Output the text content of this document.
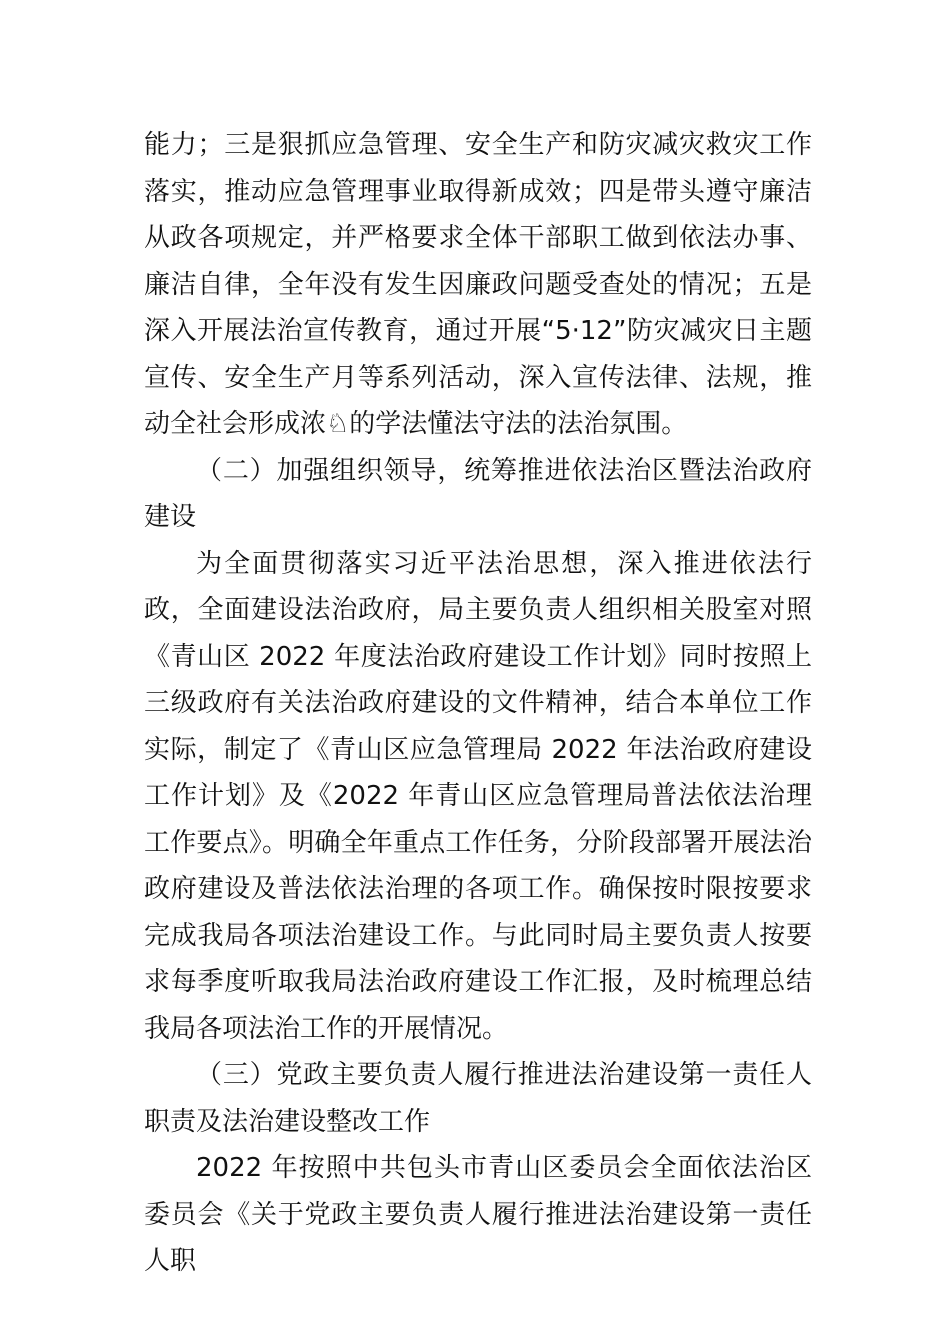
能力；三是狠抓应急管理、安全生产和防灾减灾救灾工作落实，推动应急管理事业取得新成效；四是带头遵守廉洁从政各项规定，并严格要求全体干部职工做到依法办事、廉洁自律，全年没有发生因廉政问题受查处的情况；五是深入开展法治宣传教育，通过开展“5·12”防灾减灾日主题宣传、安全生产月等系列活动，深入宣传法律、法规，推动全社会形成浓♘的学法懂法守法的法治氛围。

（二）加强组织领导，统筹推进依法治区暨法治政府建设

为全面贯彻落实习近平法治思想，深入推进依法行政，全面建设法治政府，局主要负责人组织相关股室对照《青山区 2022 年度法治政府建设工作计划》同时按照上三级政府有关法治政府建设的文件精神，结合本单位工作实际，制定了《青山区应急管理局 2022 年法治政府建设工作计划》及《2022 年青山区应急管理局普法依法治理工作要点》。明确全年重点工作任务，分阶段部署开展法治政府建设及普法依法治理的各项工作。确保按时限按要求完成我局各项法治建设工作。与此同时局主要负责人按要求每季度听取我局法治政府建设工作汇报，及时梳理总结我局各项法治工作的开展情况。

（三）党政主要负责人履行推进法治建设第一责任人职责及法治建设整改工作

2022 年按照中共包头市青山区委员会全面依法治区委员会《关于党政主要负责人履行推进法治建设第一责任人职
